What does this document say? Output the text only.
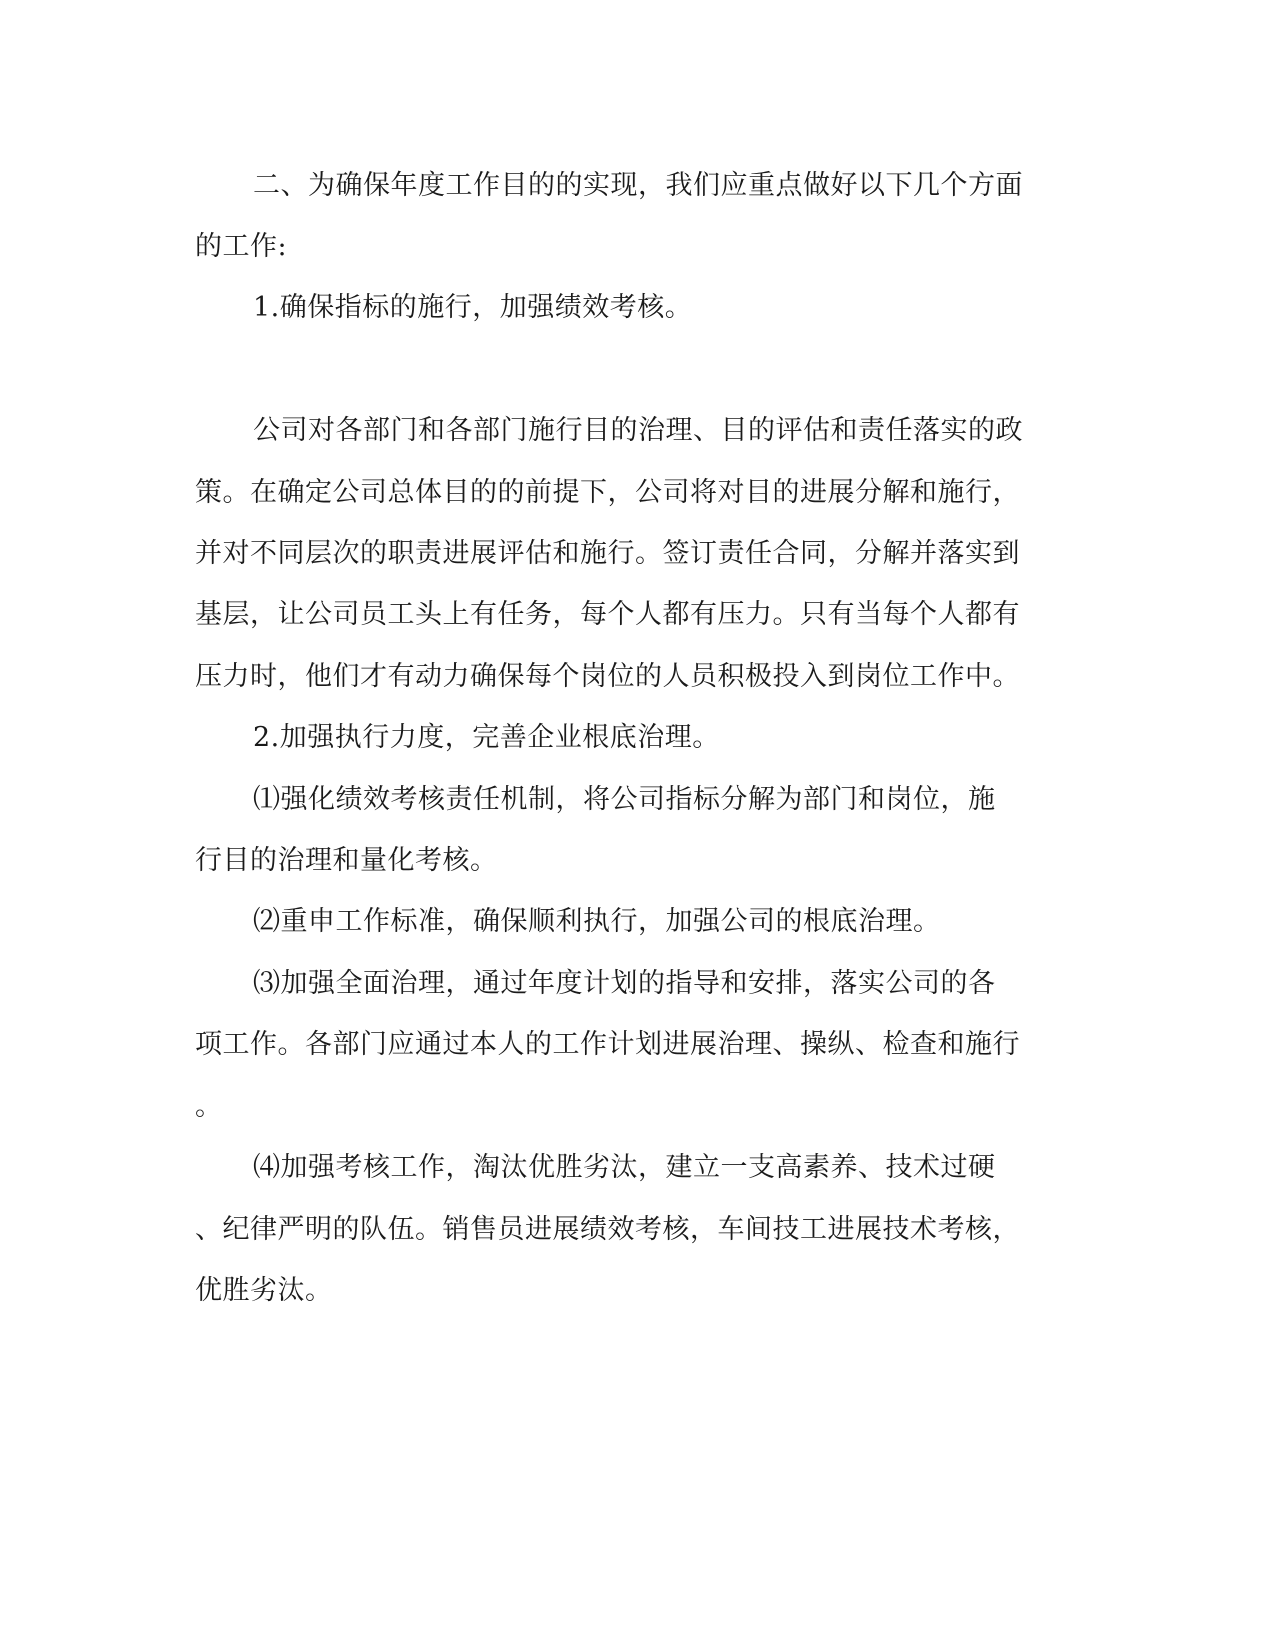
二、为确保年度工作目的的实现，我们应重点做好以下几个方面
的工作:
1.确保指标的施行，加强绩效考核。
公司对各部门和各部门施行目的治理、目的评估和责任落实的政
策。在确定公司总体目的的前提下，公司将对目的进展分解和施行，
并对不同层次的职责进展评估和施行。签订责任合同，分解并落实到
基层，让公司员工头上有任务，每个人都有压力。只有当每个人都有
压力时，他们才有动力确保每个岗位的人员积极投入到岗位工作中。
2.加强执行力度，完善企业根底治理。
⑴强化绩效考核责任机制，将公司指标分解为部门和岗位，施
行目的治理和量化考核。
⑵重申工作标准，确保顺利执行，加强公司的根底治理。
⑶加强全面治理，通过年度计划的指导和安排，落实公司的各
项工作。各部门应通过本人的工作计划进展治理、操纵、检查和施行
。
⑷加强考核工作，淘汰优胜劣汰，建立一支高素养、技术过硬
、纪律严明的队伍。销售员进展绩效考核，车间技工进展技术考核，
优胜劣汰。
